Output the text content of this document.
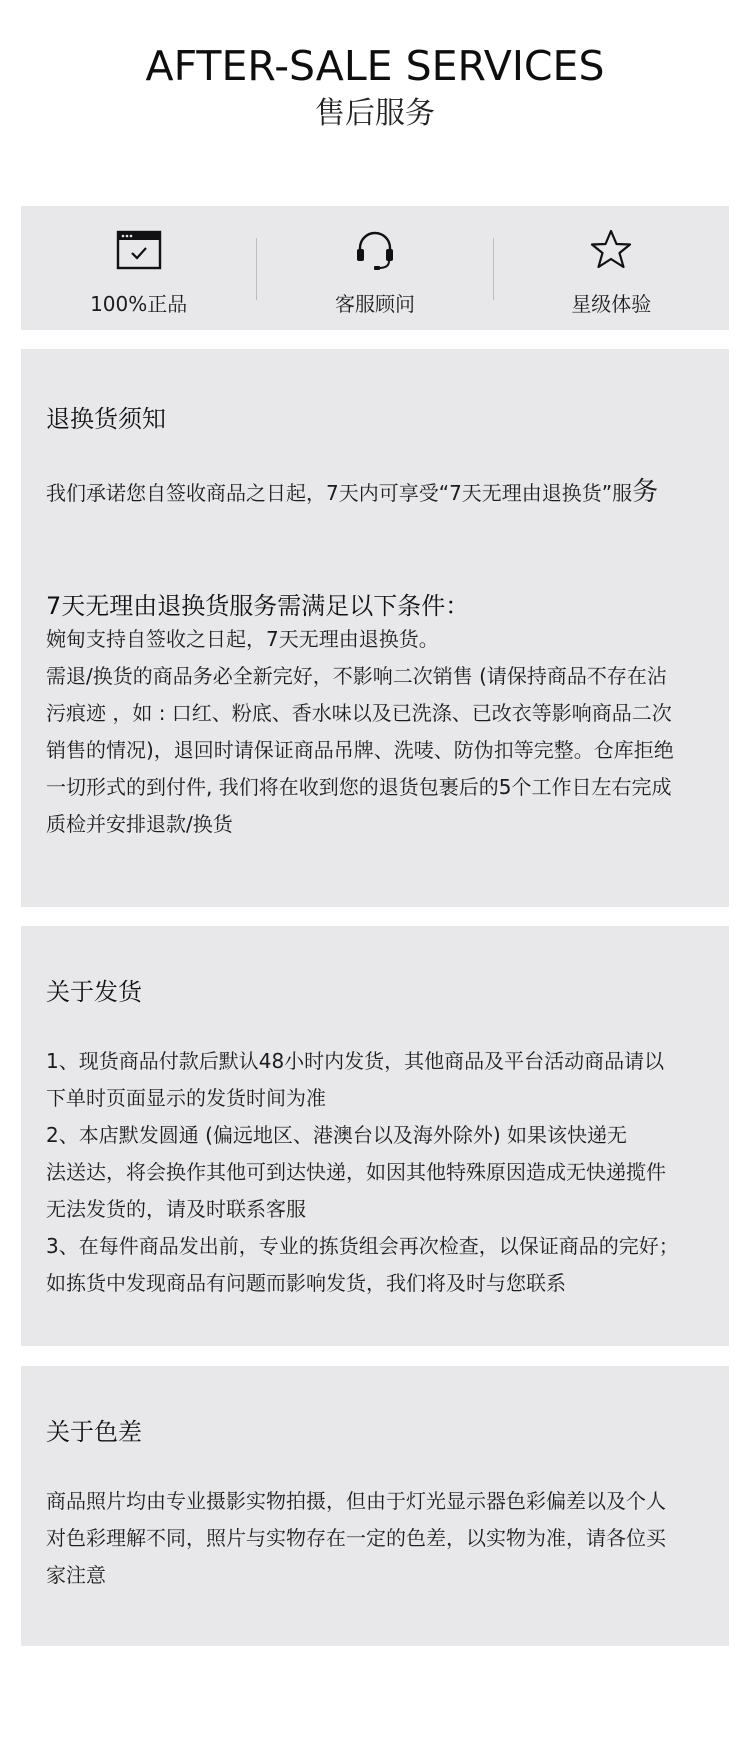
AFTER-SALE SERVICES
售后服务
100%正品	客服顾问	星级体验
退换货须知
我们承诺您自签收商品之日起，7天内可享受“7天无理由退换货”服务
7天无理由退换货服务需满足以下条件：
婉甸支持自签收之日起，7天无理由退换货。
需退/换货的商品务必全新完好，不影响二次销售 (请保持商品不存在沾
污痕迹 ，如 : 口红、粉底、香水味以及已洗涤、已改衣等影响商品二次
销售的情况)，退回时请保证商品吊牌、洗唛、防伪扣等完整。仓库拒绝
一切形式的到付件, 我们将在收到您的退货包裹后的5个工作日左右完成
质检并安排退款/换货
关于发货
1、现货商品付款后默认48小时内发货，其他商品及平台活动商品请以
下单时页面显示的发货时间为准
2、本店默发圆通 (偏远地区、港澳台以及海外除外) 如果该快递无
法送达，将会换作其他可到达快递，如因其他特殊原因造成无快递揽件
无法发货的，请及时联系客服
3、在每件商品发出前，专业的拣货组会再次检查，以保证商品的完好；
如拣货中发现商品有问题而影响发货，我们将及时与您联系
关于色差
商品照片均由专业摄影实物拍摄，但由于灯光显示器色彩偏差以及个人
对色彩理解不同，照片与实物存在一定的色差，以实物为准，请各位买
家注意
